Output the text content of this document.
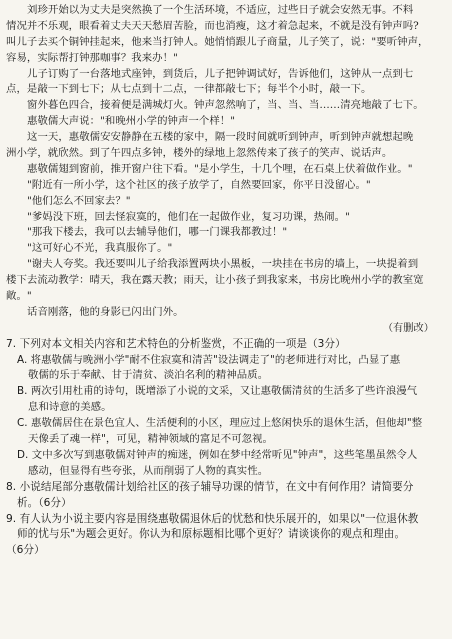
刘珍开始以为丈夫是突然换了一个生活环境，不适应，过些日子就会安然无事。不料
情况并不乐观，眼看着丈夫天天愁眉苦脸，而也消瘦，这才着急起来，不就是没有钟声吗?
叫儿子去买个铜钟挂起来，他来当打钟人。她悄悄跟儿子商量，儿子笑了，说："要听钟声，
容易，实际帮打钟那咖事？我来办！"
儿子订购了一台落地式座钟，到货后，儿子把钟调试好，告诉他们，这钟从一点到七
点，是敲一下到七下；从七点到十二点，一律都敲七下；每半个小时，敲一下。
窗外暮色四合，接着便是满城灯火。钟声忽然响了，当、当、当……清亮地敲了七下。
惠敬儒大声说："和晚州小学的钟声一个样！"
这一天，惠敬儒安安静静在五楼的家中，隔一段时间就听到钟声，听到钟声就想起晚
洲小学，就欣然。到了午四点多钟，楼外的绿地上忽然传来了孩子的笑声、说话声。
惠敬儒翅到窗前，推开窗户往下看。"是小学生，十几个哩，在石桌上伏着做作业。"
"附近有一所小学，这个社区的孩子放学了，自然要回家，你平日没留心。"
"他们怎么不回家去？"
"爹妈没下班，回去怪寂寞的，他们在一起做作业，复习功课，热闹。"
"那我下楼去，我可以去辅导他们，哪一门课我都教过！"
"这可好心不光，我真服你了。"
"谢夫人夸奖。我还要叫儿子给我添置两块小黑板，一块挂在书房的墙上，一块提着到
楼下去流动教学：晴天，我在露天教；雨天，让小孩子到我家来，书房比晚州小学的教室宽
敞。"
话音刚落，他的身影已闪出门外。
（有删改）
7. 下列对本文相关内容和艺术特色的分析鉴赏，不正确的一项是（3分）
A. 将惠敬儒与晚洲小学"耐不住寂寞和清苦"设法调走了"的老师进行对比，凸显了惠
敬儒的乐于奉献、甘于清贫、淡泊名利的精神品质。
B. 两次引用杜甫的诗句，既增添了小说的文采，又让惠敬儒清贫的生活多了些许浪漫气
息和诗意的美感。
C. 惠敬儒居住在景色宜人、生活便利的小区，理应过上悠闲快乐的退休生活，但他却"整
天像丢了魂一样"，可见，精神领域的富足不可忽视。
D. 文中多次写到惠敬儒对钟声的痴迷，例如在梦中经常听见"钟声"，这些笔墨虽然令人
感动，但显得有些夸张，从而削弱了人物的真实性。
8. 小说结尾部分惠敬儒计划给社区的孩子辅导功课的情节，在文中有何作用？请简要分
析。（6分）
9. 有人认为小说主要内容是围绕惠敬儒退休后的忧愁和快乐展开的，如果以"一位退休教
师的忧与乐"为题会更好。你认为和原标题相比哪个更好？请谈谈你的观点和理由。
（6分）
